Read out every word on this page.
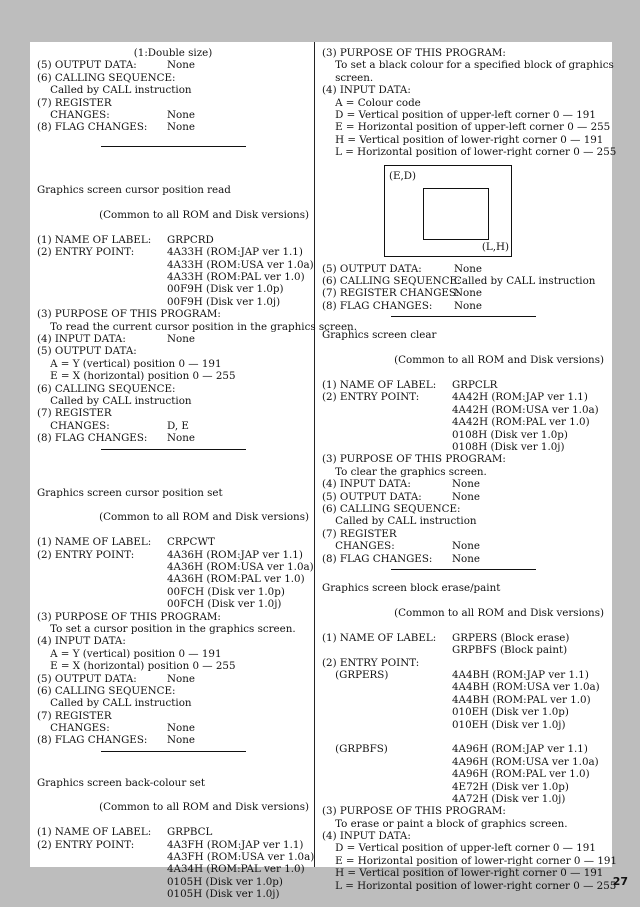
(1:Double size)
(5) OUTPUT DATA:	None
(6) CALLING SEQUENCE:
Called by CALL instruction
(7) REGISTER
CHANGES:	None
(8) FLAG CHANGES: None
Graphics screen cursor position read
(Common to all ROM and Disk versions)
(1) NAME OF LABEL: GRPCRD
(2) ENTRY POINT:	4A33H (ROM:JAP ver 1.1)
4A33H (ROM:USA ver 1.0a)
4A33H (ROM:PAL ver 1.0)
00F9H (Disk ver 1.0p)
00F9H (Disk ver 1.0j)
(3) PURPOSE OF THIS PROGRAM:
To read the current cursor position in the graphics screen.
(4) INPUT DATA:	None
(5) OUTPUT DATA:
A = Y (vertical) position 0 — 191
E = X (horizontal) position 0 — 255
(6) CALLING SEQUENCE:
Called by CALL instruction
(7) REGISTER
CHANGES:	D, E
(8) FLAG CHANGES: None
Graphics screen cursor position set
(Common to all ROM and Disk versions)
(1) NAME OF LABEL: CRPCWT
(2) ENTRY POINT:	4A36H (ROM:JAP ver 1.1)
4A36H (ROM:USA ver 1.0a)
4A36H (ROM:PAL ver 1.0)
00FCH (Disk ver 1.0p)
00FCH (Disk ver 1.0j)
(3) PURPOSE OF THIS PROGRAM:
To set a cursor position in the graphics screen.
(4) INPUT DATA:
A = Y (vertical) position 0 — 191
E = X (horizontal) position 0 — 255
(5) OUTPUT DATA:	None
(6) CALLING SEQUENCE:
Called by CALL instruction
(7) REGISTER
CHANGES:	None
(8) FLAG CHANGES: None
Graphics screen back-colour set
(Common to all ROM and Disk versions)
(1) NAME OF LABEL: GRPBCL
(2) ENTRY POINT:	4A3FH (ROM:JAP ver 1.1)
4A3FH (ROM:USA ver 1.0a)
4A34H (ROM:PAL ver 1.0)
0105H (Disk ver 1.0p)
0105H (Disk ver 1.0j)
(3) PURPOSE OF THIS PROGRAM:
To set a black colour for a specified block of graphics
screen.
(4) INPUT DATA:
A = Colour code
D = Vertical position of upper-left corner 0 — 191
E = Horizontal position of upper-left corner 0 — 255
H = Vertical position of lower-right corner 0 — 191
L = Horizontal position of lower-right corner 0 — 255
(E,D)
(L,H)
(5) OUTPUT DATA:	None
(6) CALLING SEQUENCE:
Called by CALL instruction
(7) REGISTER CHANGES:
None
(8) FLAG CHANGES: None
Graphics screen clear
(Common to all ROM and Disk versions)
(1) NAME OF LABEL: GRPCLR
(2) ENTRY POINT:	4A42H (ROM:JAP ver 1.1)
4A42H (ROM:USA ver 1.0a)
4A42H (ROM:PAL ver 1.0)
0108H (Disk ver 1.0p)
0108H (Disk ver 1.0j)
(3) PURPOSE OF THIS PROGRAM:
To clear the graphics screen.
(4) INPUT DATA:	None
(5) OUTPUT DATA:	None
(6) CALLING SEQUENCE:
Called by CALL instruction
(7) REGISTER
CHANGES:	None
(8) FLAG CHANGES: None
Graphics screen block erase/paint
(Common to all ROM and Disk versions)
(1) NAME OF LABEL: GRPERS (Block erase)
GRPBFS (Block paint)
(2) ENTRY POINT:
(GRPERS)	4A4BH (ROM:JAP ver 1.1)
4A4BH (ROM:USA ver 1.0a)
4A4BH (ROM:PAL ver 1.0)
010EH (Disk ver 1.0p)
010EH (Disk ver 1.0j)
(GRPBFS)	4A96H (ROM:JAP ver 1.1)
4A96H (ROM:USA ver 1.0a)
4A96H (ROM:PAL ver 1.0)
4E72H (Disk ver 1.0p)
4A72H (Disk ver 1.0j)
(3) PURPOSE OF THIS PROGRAM:
To erase or paint a block of graphics screen.
(4) INPUT DATA:
D = Vertical position of upper-left corner 0 — 191
E = Horizontal position of lower-right corner 0 — 191
H = Vertical position of lower-right corner 0 — 191
L = Horizontal position of lower-right corner 0 — 255
27
